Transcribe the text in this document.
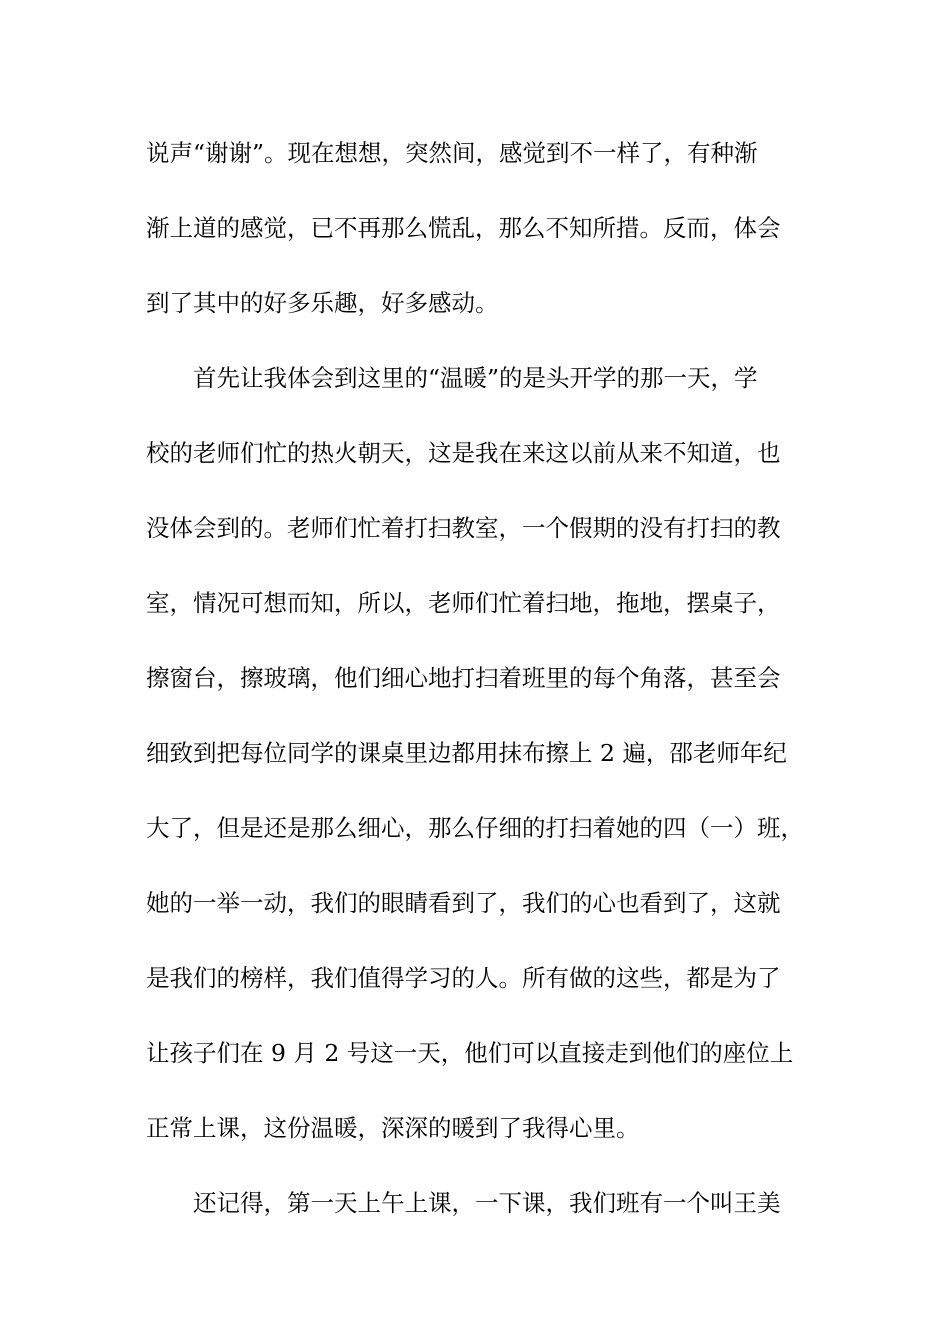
说声“谢谢”。现在想想，突然间，感觉到不一样了，有种渐
渐上道的感觉，已不再那么慌乱，那么不知所措。反而，体会
到了其中的好多乐趣，好多感动。
首先让我体会到这里的“温暖”的是头开学的那一天，学
校的老师们忙的热火朝天，这是我在来这以前从来不知道，也
没体会到的。老师们忙着打扫教室，一个假期的没有打扫的教
室，情况可想而知，所以，老师们忙着扫地，拖地，摆桌子，
擦窗台，擦玻璃，他们细心地打扫着班里的每个角落，甚至会
细致到把每位同学的课桌里边都用抹布擦上 2 遍，邵老师年纪
大了，但是还是那么细心，那么仔细的打扫着她的四（一）班，
她的一举一动，我们的眼睛看到了，我们的心也看到了，这就
是我们的榜样，我们值得学习的人。所有做的这些，都是为了
让孩子们在 9 月 2 号这一天，他们可以直接走到他们的座位上
正常上课，这份温暖，深深的暖到了我得心里。
还记得，第一天上午上课，一下课，我们班有一个叫王美
